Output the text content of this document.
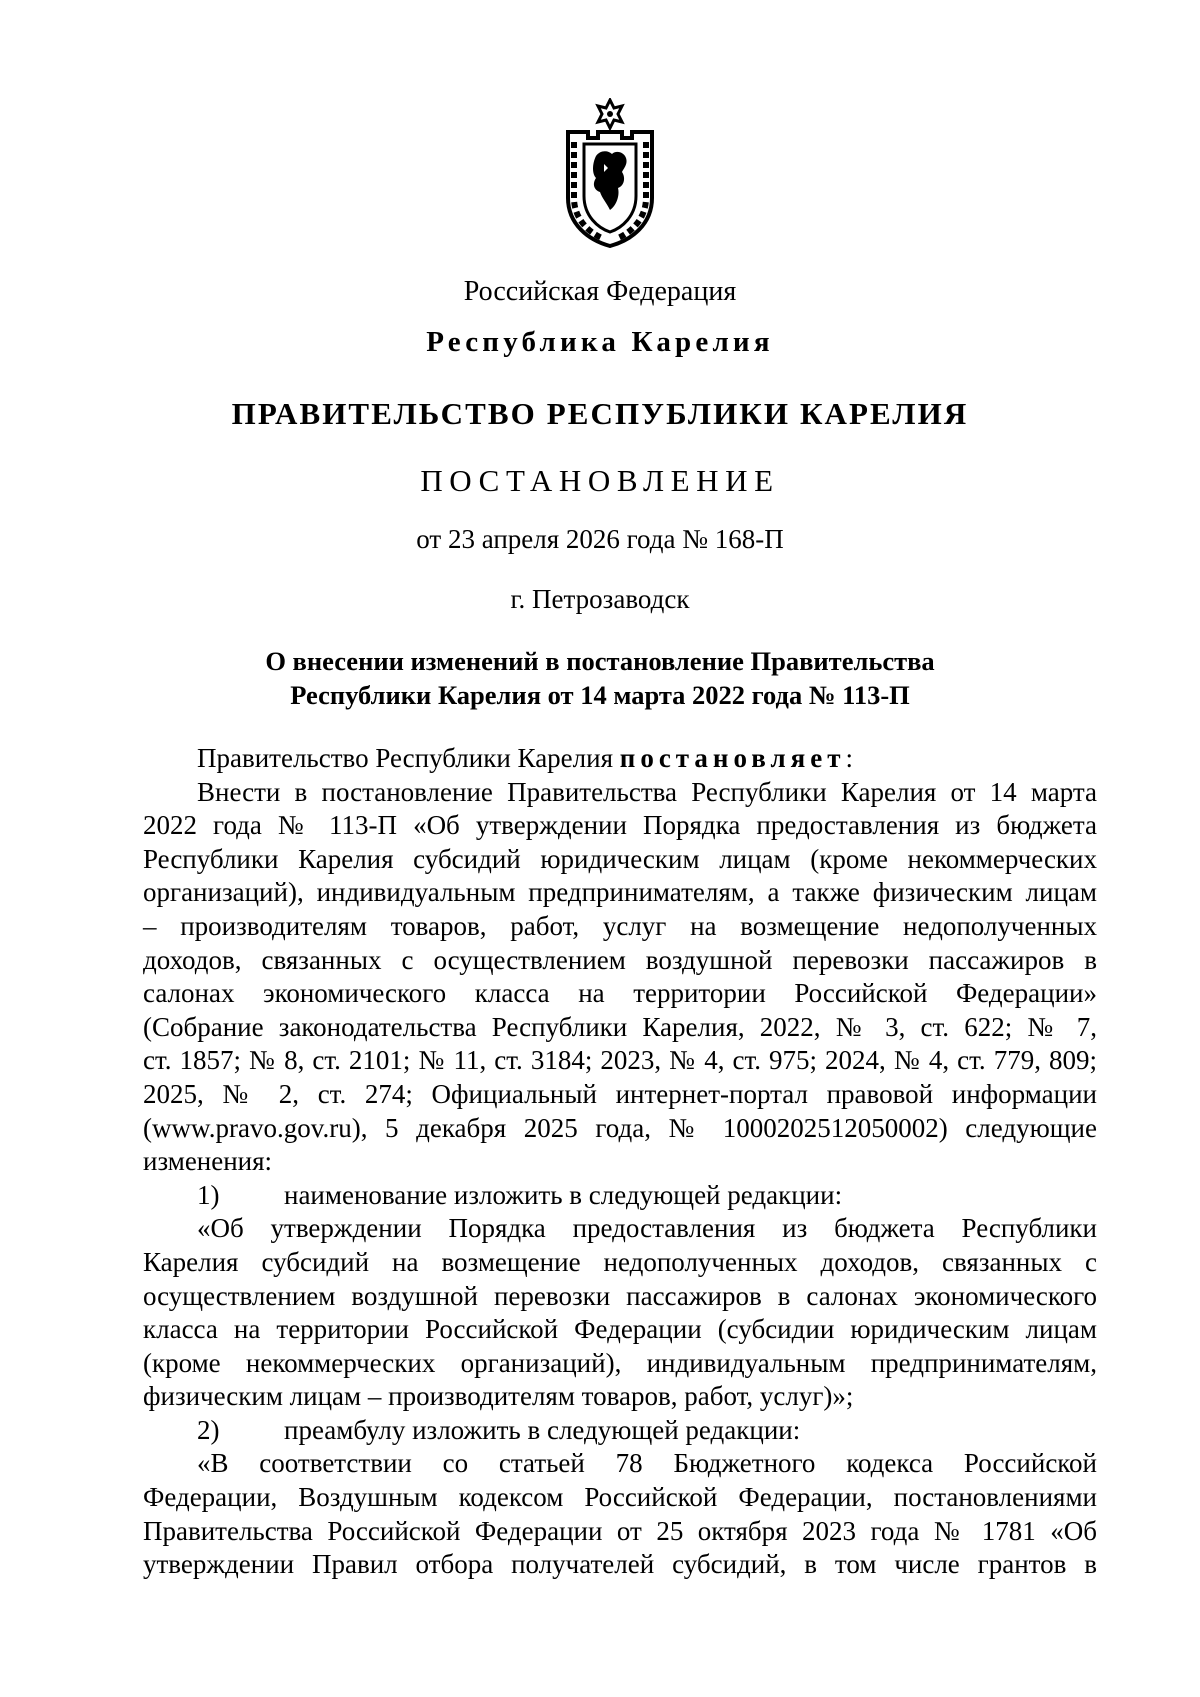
Российская Федерация
Республика Карелия
ПРАВИТЕЛЬСТВО РЕСПУБЛИКИ КАРЕЛИЯ
ПОСТАНОВЛЕНИЕ
от 23 апреля 2026 года № 168-П
г. Петрозаводск
О внесении изменений в постановление Правительства
Республики Карелия от 14 марта 2022 года № 113-П

Правительство Республики Карелия постановляет:

Внести в постановление Правительства Республики Карелия от 14 марта
2022 года № 113-П «Об утверждении Порядка предоставления из бюджета
Республики Карелия субсидий юридическим лицам (кроме некоммерческих
организаций), индивидуальным предпринимателям, а также физическим лицам
– производителям товаров, работ, услуг на возмещение недополученных
доходов, связанных с осуществлением воздушной перевозки пассажиров в
салонах экономического класса на территории Российской Федерации»
(Собрание законодательства Республики Карелия, 2022, № 3, ст. 622; № 7,
ст. 1857; № 8, ст. 2101; № 11, ст. 3184; 2023, № 4, ст. 975; 2024, № 4, ст. 779, 809;
2025, № 2, ст. 274; Официальный интернет-портал правовой информации
(www.pravo.gov.ru), 5 декабря 2025 года, № 1000202512050002) следующие
изменения:

1) наименование изложить в следующей редакции:

«Об утверждении Порядка предоставления из бюджета Республики
Карелия субсидий на возмещение недополученных доходов, связанных с
осуществлением воздушной перевозки пассажиров в салонах экономического
класса на территории Российской Федерации (субсидии юридическим лицам
(кроме некоммерческих организаций), индивидуальным предпринимателям,
физическим лицам – производителям товаров, работ, услуг)»;

2) преамбулу изложить в следующей редакции:

«В соответствии со статьей 78 Бюджетного кодекса Российской
Федерации, Воздушным кодексом Российской Федерации, постановлениями
Правительства Российской Федерации от 25 октября 2023 года № 1781 «Об
утверждении Правил отбора получателей субсидий, в том числе грантов в
